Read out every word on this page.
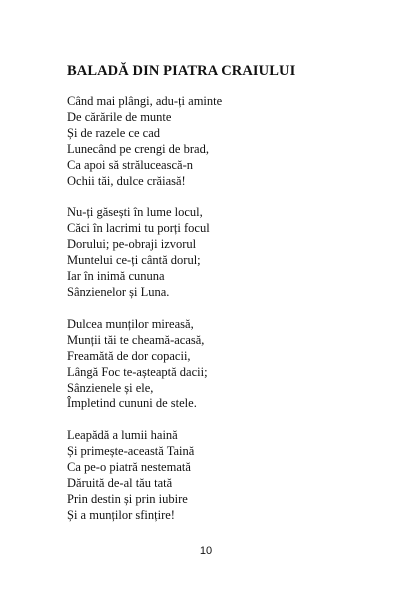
BALADĂ DIN PIATRA CRAIULUI
Când mai plângi, adu-ți aminte
De cărările de munte
Și de razele ce cad
Lunecând pe crengi de brad,
Ca apoi să strălucească-n
Ochii tăi, dulce crăiasă!
Nu-ți găsești în lume locul,
Căci în lacrimi tu porți focul
Dorului; pe-obraji izvorul
Muntelui ce-ți cântă dorul;
Iar în inimă cununa
Sânzienelor și Luna.
Dulcea munților mireasă,
Munții tăi te cheamă-acasă,
Freamătă de dor copacii,
Lângă Foc te-așteaptă dacii;
Sânzienele și ele,
Împletind cununi de stele.
Leapădă a lumii haină
Și primește-această Taină
Ca pe-o piatră nestemată
Dăruită de-al tău tată
Prin destin și prin iubire
Și a munților sfințire!
10
